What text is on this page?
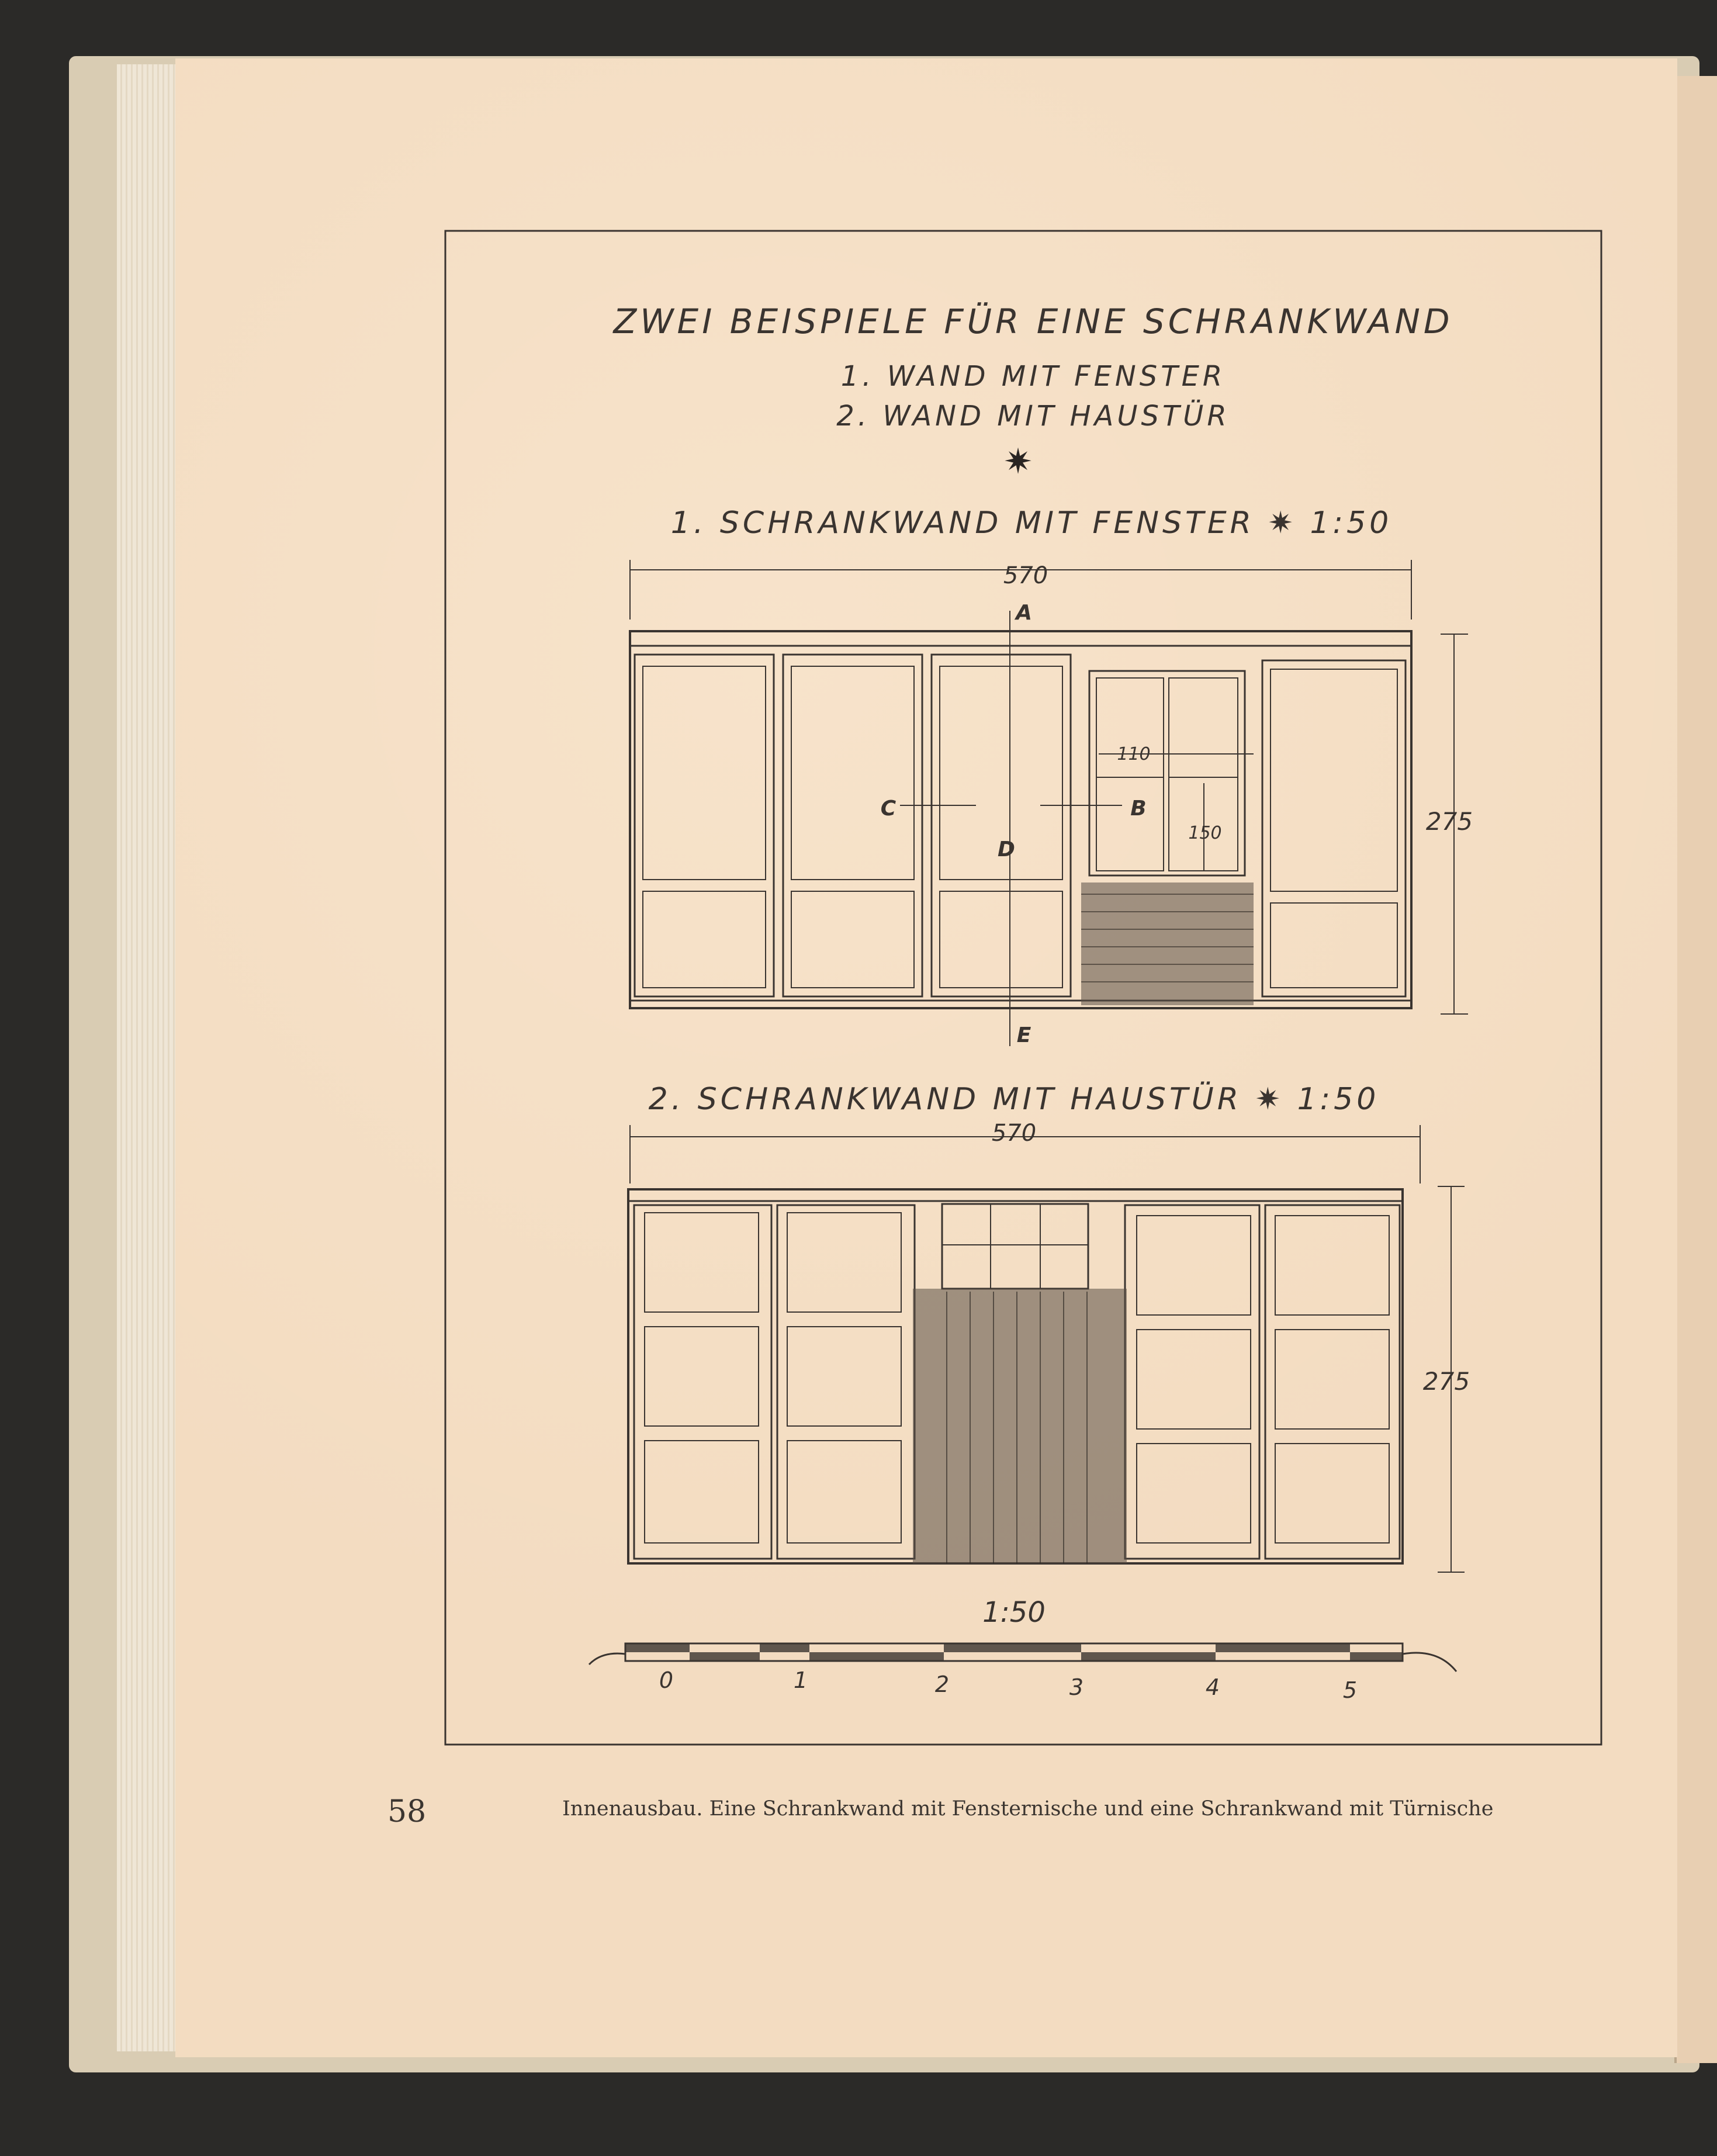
ZWEI BEISPIELE FÜR EINE SCHRANKWAND
1. WAND MIT FENSTER
2. WAND MIT HAUSTÜR
✷
1. SCHRANKWAND MIT FENSTER ✷ 1:50
570
275
110
150
A
B
C
D
E
2. SCHRANKWAND MIT HAUSTÜR ✷ 1:50
570
275
1:50
0	1	2	3	4	5
58	Innenausbau. Eine Schrankwand mit Fensternische und eine Schrankwand mit Türnische
